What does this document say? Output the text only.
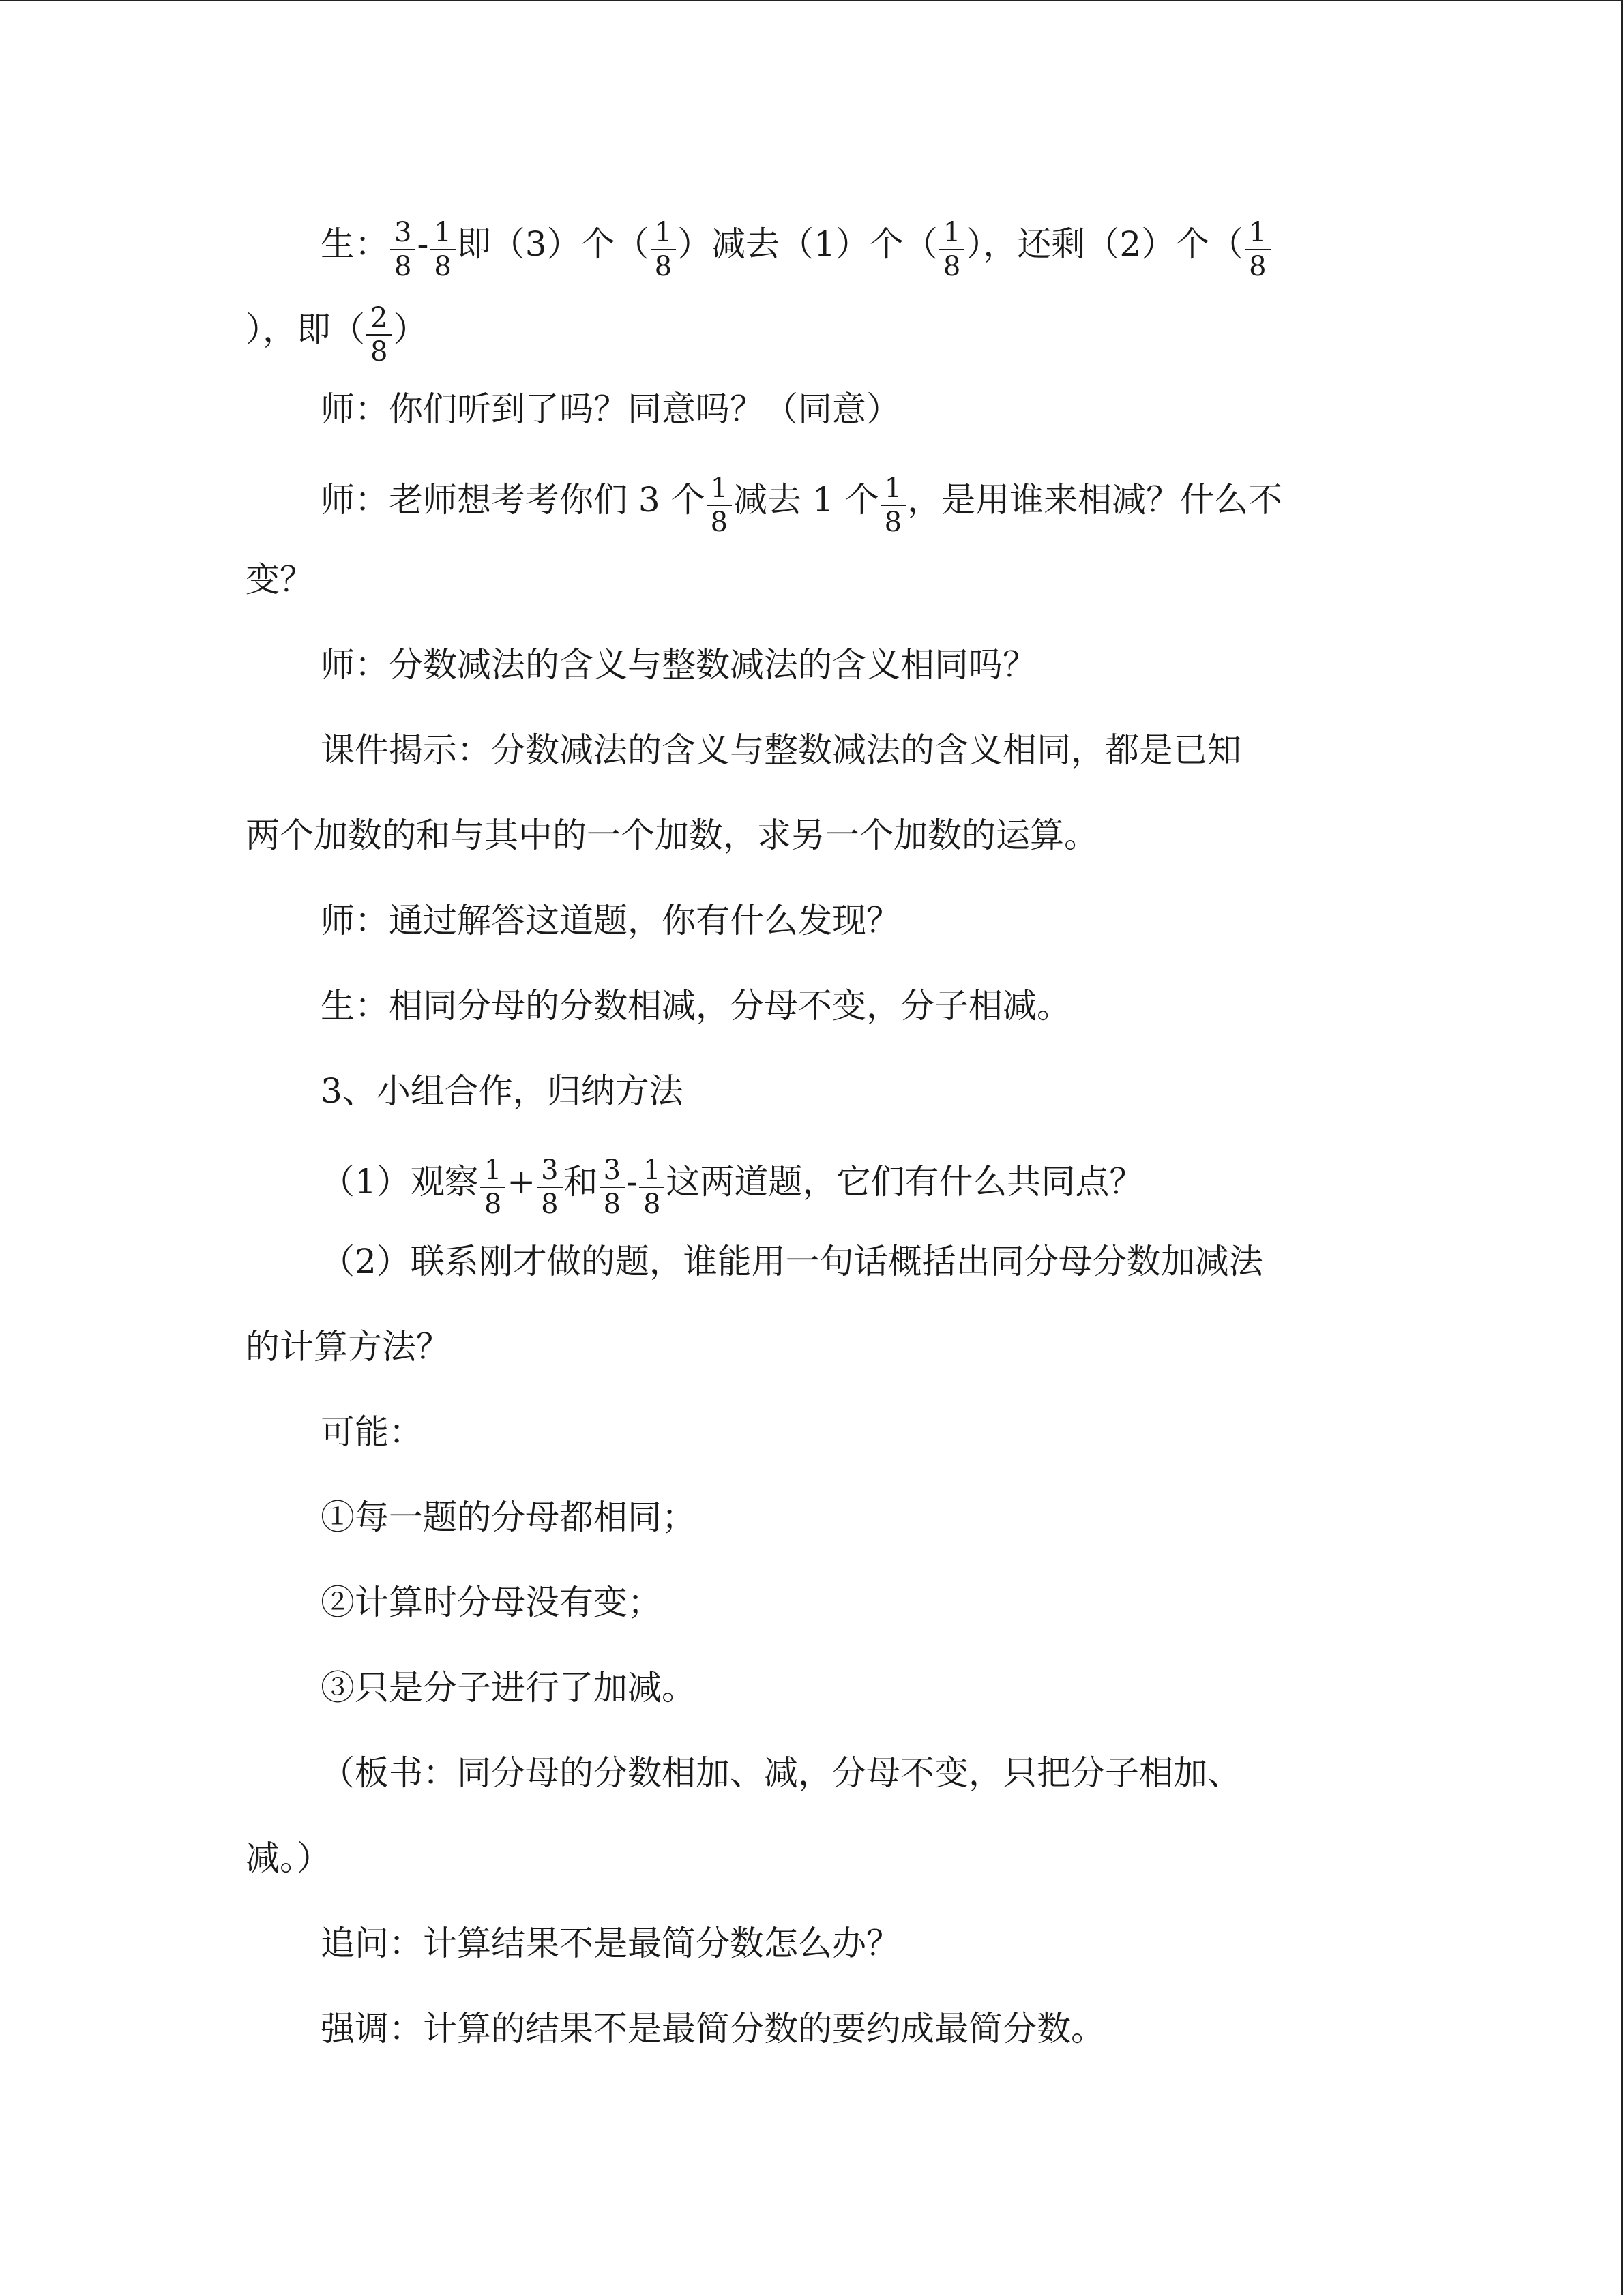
生： $\frac{3}{8} - \frac{1}{8}$ 即（3）个（ $\frac{1}{8}$ ）减去（1）个（ $\frac{1}{8}$ ），还剩（2）个（ $\frac{1}{8}$
），即（ $\frac{2}{8}$ ）
师：你们听到了吗？同意吗？（同意）
师：老师想考考你们 3 个 $\frac{1}{8}$ 减去 1 个 $\frac{1}{8}$ ，是用谁来相减？什么不
变？
师：分数减法的含义与整数减法的含义相同吗？
课件揭示：分数减法的含义与整数减法的含义相同，都是已知
两个加数的和与其中的一个加数，求另一个加数的运算。
师：通过解答这道题，你有什么发现？
生：相同分母的分数相减，分母不变，分子相减。
3、小组合作，归纳方法
（1）观察 $\frac{1}{8} + \frac{3}{8}$ 和 $\frac{3}{8} - \frac{1}{8}$ 这两道题，它们有什么共同点？
（2）联系刚才做的题，谁能用一句话概括出同分母分数加减法
的计算方法？
可能：
①每一题的分母都相同；
②计算时分母没有变；
③只是分子进行了加减。
（板书：同分母的分数相加、减，分母不变，只把分子相加、
减。）
追问：计算结果不是最简分数怎么办？
强调：计算的结果不是最简分数的要约成最简分数。
